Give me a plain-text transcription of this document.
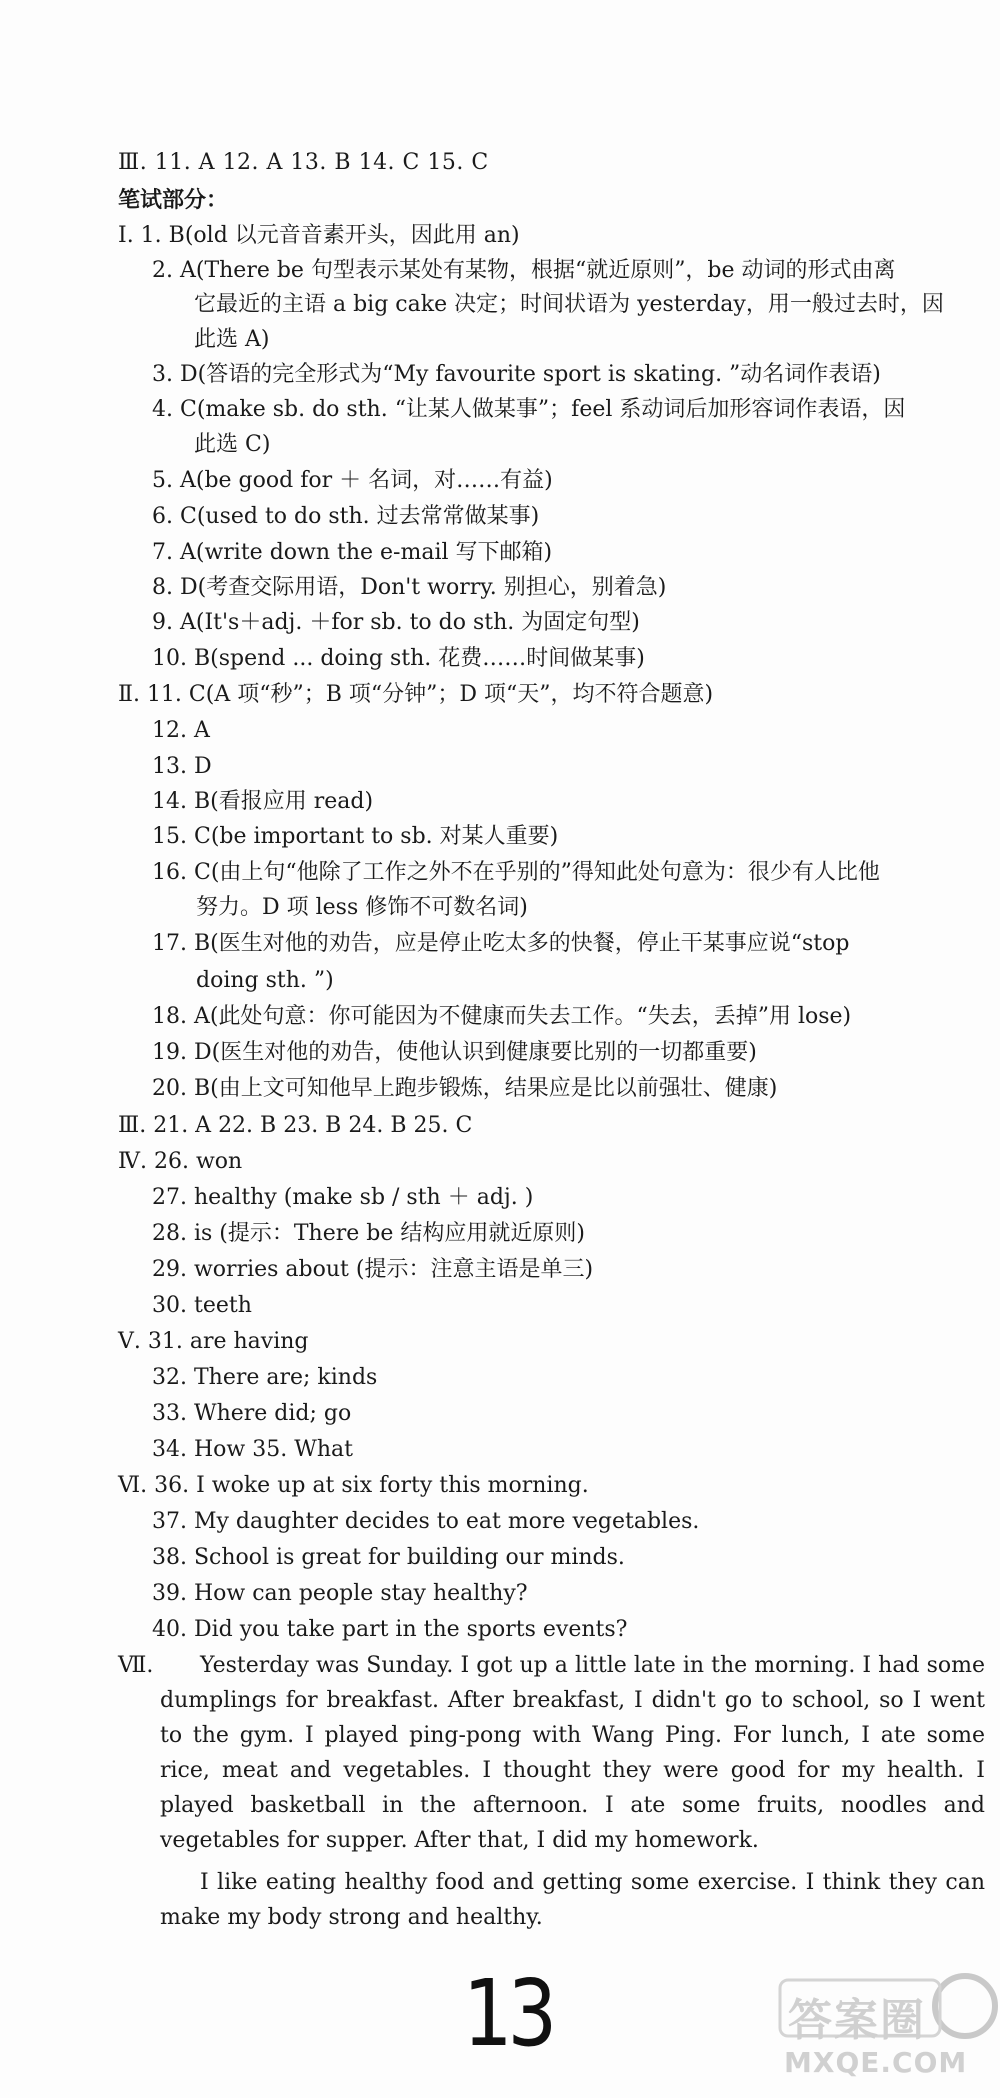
Ⅲ. 11. A 12. A 13. B 14. C 15. C
笔试部分：
Ⅰ. 1. B(old 以元音音素开头，因此用 an)
2. A(There be 句型表示某处有某物，根据“就近原则”，be 动词的形式由离
它最近的主语 a big cake 决定；时间状语为 yesterday，用一般过去时，因
此选 A)
3. D(答语的完全形式为“My favourite sport is skating. ”动名词作表语)
4. C(make sb. do sth. “让某人做某事”；feel 系动词后加形容词作表语，因
此选 C)
5. A(be good for ＋ 名词，对……有益)
6. C(used to do sth. 过去常常做某事)
7. A(write down the e-mail 写下邮箱)
8. D(考查交际用语，Don't worry. 别担心，别着急)
9. A(It's＋adj. ＋for sb. to do sth. 为固定句型)
10. B(spend ... doing sth. 花费……时间做某事)
Ⅱ. 11. C(A 项“秒”；B 项“分钟”；D 项“天”，均不符合题意)
12. A
13. D
14. B(看报应用 read)
15. C(be important to sb. 对某人重要)
16. C(由上句“他除了工作之外不在乎别的”得知此处句意为：很少有人比他
努力。D 项 less 修饰不可数名词)
17. B(医生对他的劝告，应是停止吃太多的快餐，停止干某事应说“stop
doing sth. ”)
18. A(此处句意：你可能因为不健康而失去工作。“失去，丢掉”用 lose)
19. D(医生对他的劝告，使他认识到健康要比别的一切都重要)
20. B(由上文可知他早上跑步锻炼，结果应是比以前强壮、健康)
Ⅲ. 21. A 22. B 23. B 24. B 25. C
Ⅳ. 26. won
27. healthy (make sb / sth ＋ adj. )
28. is (提示：There be 结构应用就近原则)
29. worries about (提示：注意主语是单三)
30. teeth
Ⅴ. 31. are having
32. There are; kinds
33. Where did; go
34. How 35. What
Ⅵ. 36. I woke up at six forty this morning.
37. My daughter decides to eat more vegetables.
38. School is great for building our minds.
39. How can people stay healthy?
40. Did you take part in the sports events?
Ⅶ.	Yesterday was Sunday. I got up a little late in the morning. I had some dumplings for breakfast. After breakfast, I didn't go to school, so I went to the gym. I played ping-pong with Wang Ping. For lunch, I ate some rice, meat and vegetables. I thought they were good for my health. I played basketball in the afternoon. I ate some fruits, noodles and vegetables for supper. After that, I did my homework.
I like eating healthy food and getting some exercise. I think they can make my body strong and healthy.
13	答案圈
MXQE.COM
